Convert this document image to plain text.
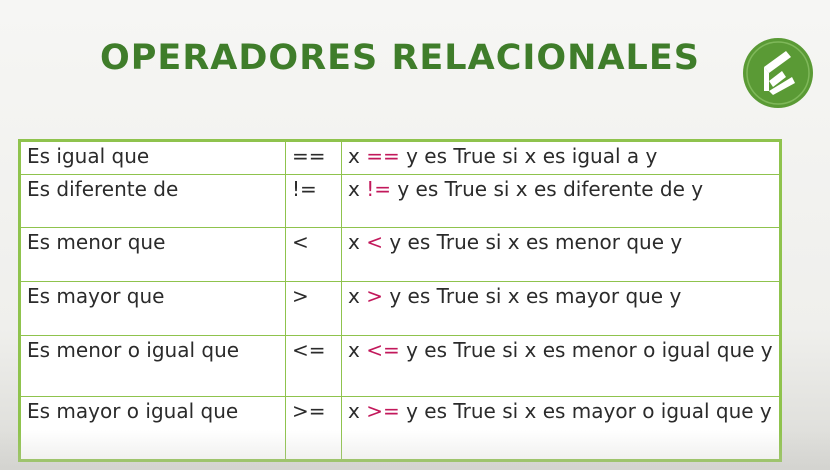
OPERADORES RELACIONALES
Es igual que	==	x == y es True si x es igual a y
Es diferente de	!=	x != y es True si x es diferente de y
Es menor que	<	x < y es True si x es menor que y
Es mayor que	>	x > y es True si x es mayor que y
Es menor o igual que	<=	x <= y es True si x es menor o igual que y
Es mayor o igual que	>=	x >= y es True si x es mayor o igual que y
